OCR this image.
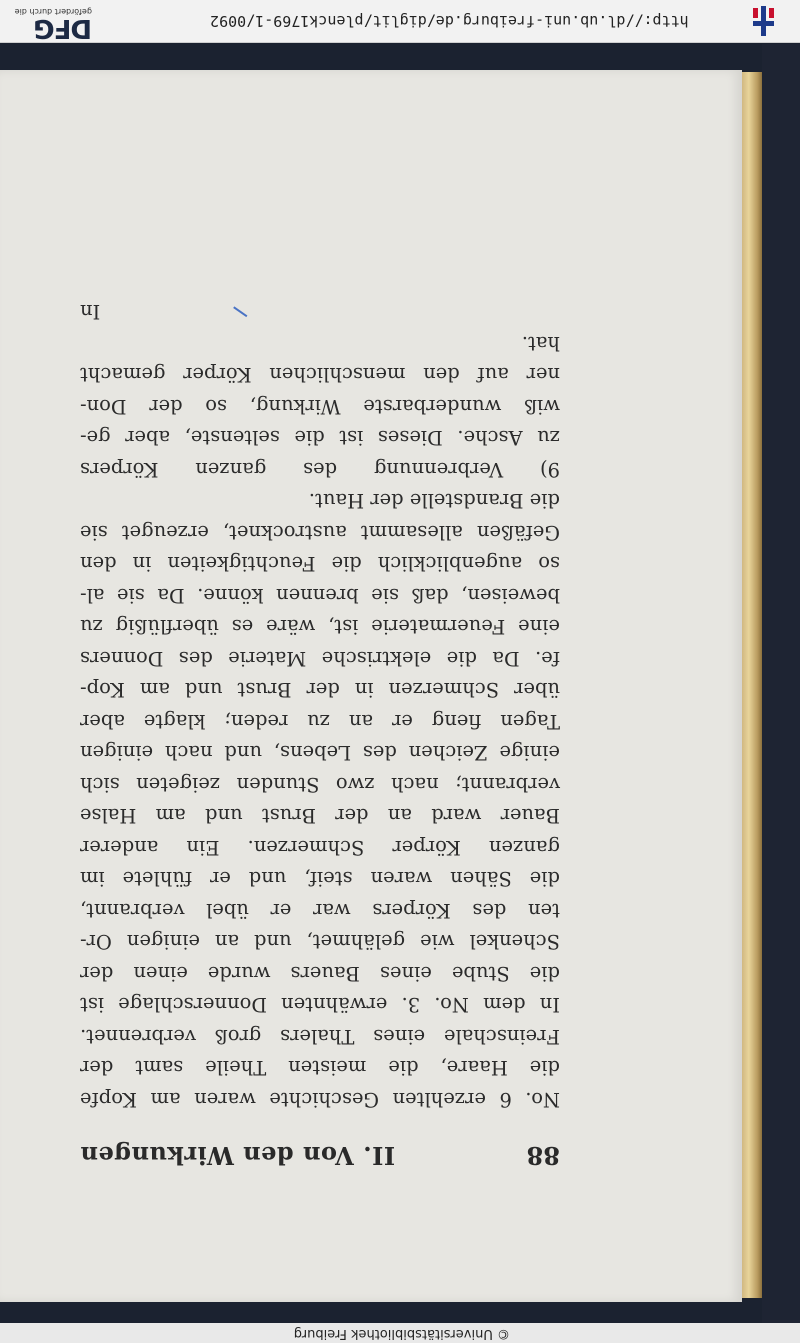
http://dl.ub.uni-freiburg.de/diglit/plenck1769-1/0092
DFG
gefördert durch die
88
II. Von den Wirkungen
No. 6 erzehlten Geschichte waren am Kopfe
die Haare, die meisten Theile samt der
Freinschale eines Thalers groß verbrennet.
In dem No. 3. erwähnten Donnerschlage ist
die Stube eines Bauers wurde einen der
Schenkel wie gelähmet, und an einigen Or-
ten des Körpers war er übel verbrannt,
die Sähen waren steif, und er fühlete im
ganzen Körper Schmerzen. Ein anderer
Bauer ward an der Brust und am Halse
verbrannt; nach zwo Stunden zeigeten sich
einige Zeichen des Lebens, und nach einigen
Tagen fieng er an zu reden; klagte aber
über Schmerzen in der Brust und am Kop-
fe. Da die elektrische Materie des Donners
eine Feuermaterie ist, wäre es überflüßig zu
beweisen, daß sie brennen könne. Da sie al-
so augenblicklich die Feuchtigkeiten in den
Gefäßen allesammt austrocknet, erzeuget sie
die Brandstelle der Haut.
9) Verbrennung des ganzen Körpers
zu Asche. Dieses ist die seltenste, aber ge-
wiß wunderbarste Wirkung, so der Don-
ner auf den menschlichen Körper gemacht
hat.
In
© Universitätsbibliothek Freiburg
